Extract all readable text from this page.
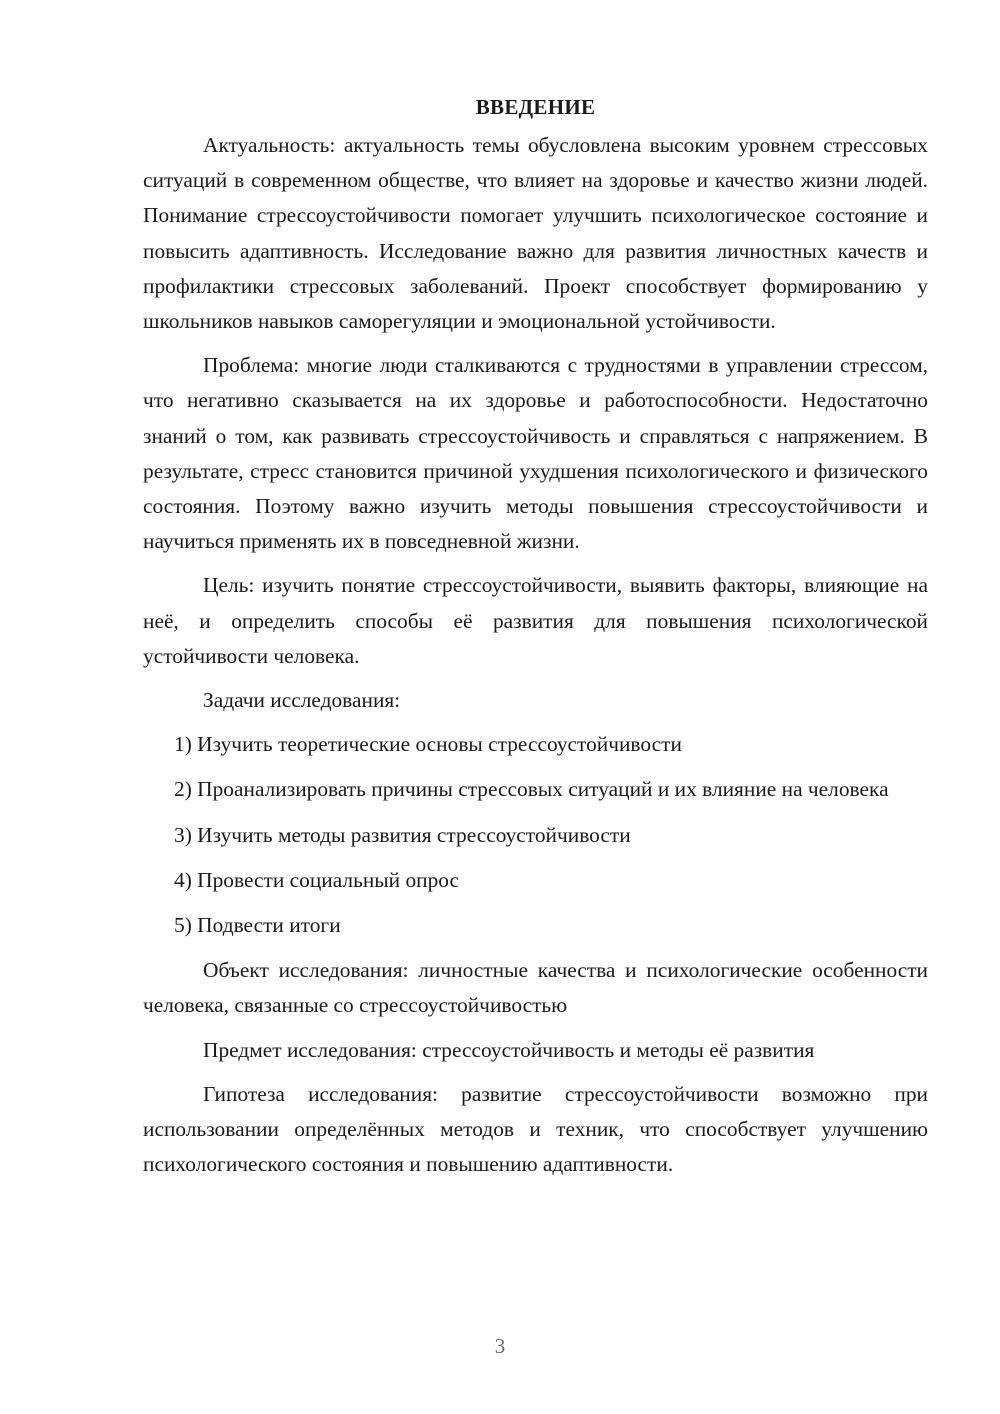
ВВЕДЕНИЕ

Актуальность: актуальность темы обусловлена высоким уровнем стрессовых ситуаций в современном обществе, что влияет на здоровье и качество жизни людей. Понимание стрессоустойчивости помогает улучшить психологическое состояние и повысить адаптивность. Исследование важно для развития личностных качеств и профилактики стрессовых заболеваний. Проект способствует формированию у школьников навыков саморегуляции и эмоциональной устойчивости.

Проблема: многие люди сталкиваются с трудностями в управлении стрессом, что негативно сказывается на их здоровье и работоспособности. Недостаточно знаний о том, как развивать стрессоустойчивость и справляться с напряжением. В результате, стресс становится причиной ухудшения психологического и физического состояния. Поэтому важно изучить методы повышения стрессоустойчивости и научиться применять их в повседневной жизни.

Цель: изучить понятие стрессоустойчивости, выявить факторы, влияющие на неё, и определить способы её развития для повышения психологической устойчивости человека.

Задачи исследования:

1) Изучить теоретические основы стрессоустойчивости

2) Проанализировать причины стрессовых ситуаций и их влияние на человека

3) Изучить методы развития стрессоустойчивости

4) Провести социальный опрос

5) Подвести итоги

Объект исследования: личностные качества и психологические особенности человека, связанные со стрессоустойчивостью

Предмет исследования: стрессоустойчивость и методы её развития

Гипотеза исследования: развитие стрессоустойчивости возможно при использовании определённых методов и техник, что способствует улучшению психологического состояния и повышению адаптивности.

3
